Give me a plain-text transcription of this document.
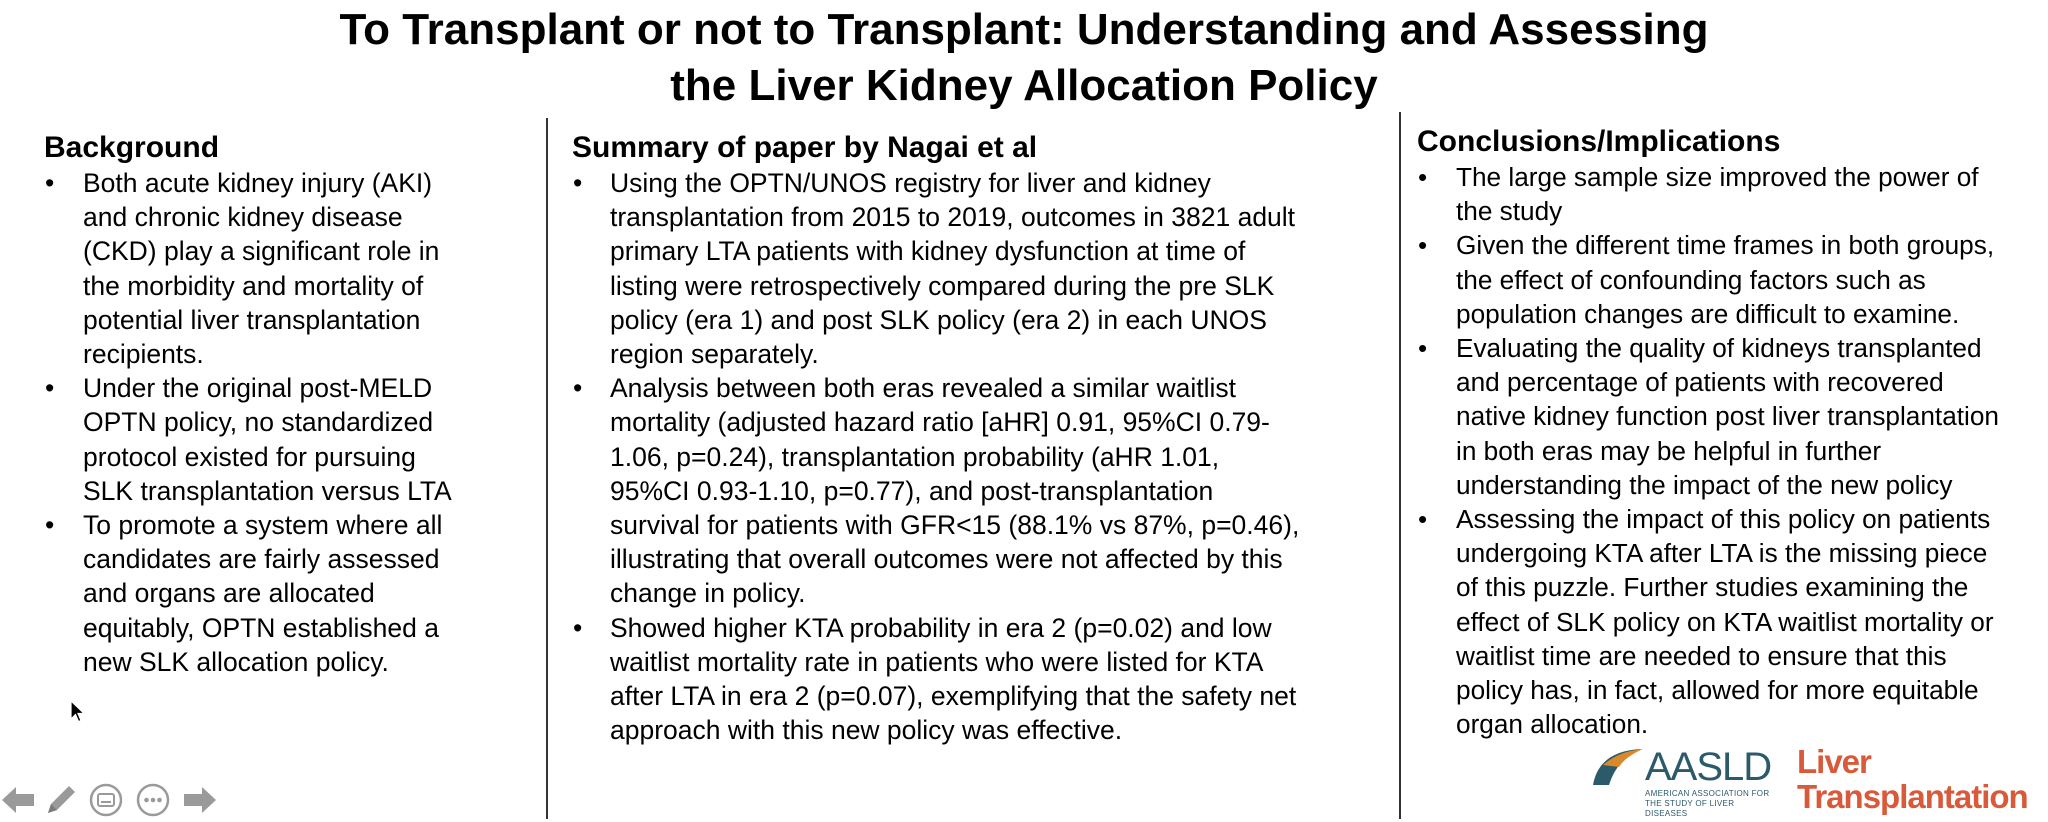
To Transplant or not to Transplant: Understanding and Assessing
the Liver Kidney Allocation Policy
Background
• Both acute kidney injury (AKI)
and chronic kidney disease
(CKD) play a significant role in
the morbidity and mortality of
potential liver transplantation
recipients.
• Under the original post-MELD
OPTN policy, no standardized
protocol existed for pursuing
SLK transplantation versus LTA
• To promote a system where all
candidates are fairly assessed
and organs are allocated
equitably, OPTN established a
new SLK allocation policy.
Summary of paper by Nagai et al
• Using the OPTN/UNOS registry for liver and kidney
transplantation from 2015 to 2019, outcomes in 3821 adult
primary LTA patients with kidney dysfunction at time of
listing were retrospectively compared during the pre SLK
policy (era 1) and post SLK policy (era 2) in each UNOS
region separately.
• Analysis between both eras revealed a similar waitlist
mortality (adjusted hazard ratio [aHR] 0.91, 95%CI 0.79-
1.06, p=0.24), transplantation probability (aHR 1.01,
95%CI 0.93-1.10, p=0.77), and post-transplantation
survival for patients with GFR<15 (88.1% vs 87%, p=0.46),
illustrating that overall outcomes were not affected by this
change in policy.
• Showed higher KTA probability in era 2 (p=0.02) and low
waitlist mortality rate in patients who were listed for KTA
after LTA in era 2 (p=0.07), exemplifying that the safety net
approach with this new policy was effective.
Conclusions/Implications
• The large sample size improved the power of
the study
• Given the different time frames in both groups,
the effect of confounding factors such as
population changes are difficult to examine.
• Evaluating the quality of kidneys transplanted
and percentage of patients with recovered
native kidney function post liver transplantation
in both eras may be helpful in further
understanding the impact of the new policy
• Assessing the impact of this policy on patients
undergoing KTA after LTA is the missing piece
of this puzzle. Further studies examining the
effect of SLK policy on KTA waitlist mortality or
waitlist time are needed to ensure that this
policy has, in fact, allowed for more equitable
organ allocation.
AASLD
AMERICAN ASSOCIATION FOR
THE STUDY OF LIVER DISEASES
Liver
Transplantation
